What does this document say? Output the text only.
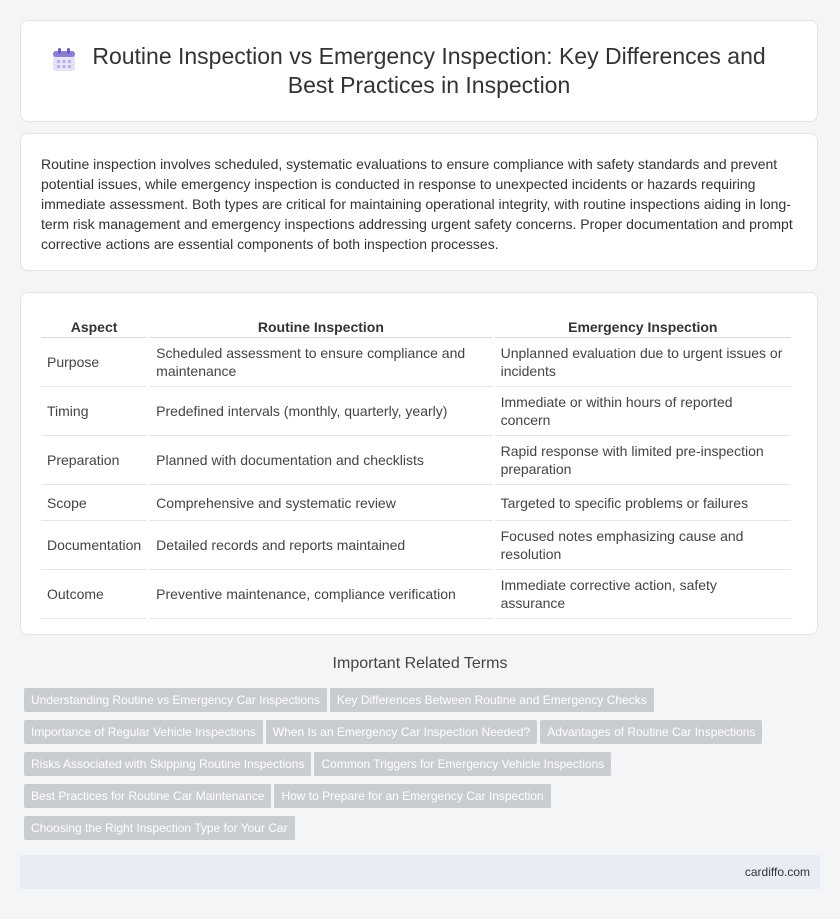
Routine Inspection vs Emergency Inspection: Key Differences and Best Practices in Inspection

Routine inspection involves scheduled, systematic evaluations to ensure compliance with safety standards and prevent potential issues, while emergency inspection is conducted in response to unexpected incidents or hazards requiring immediate assessment. Both types are critical for maintaining operational integrity, with routine inspections aiding in long-term risk management and emergency inspections addressing urgent safety concerns. Proper documentation and prompt corrective actions are essential components of both inspection processes.

Aspect	Routine Inspection	Emergency Inspection
Purpose	Scheduled assessment to ensure compliance and maintenance	Unplanned evaluation due to urgent issues or incidents
Timing	Predefined intervals (monthly, quarterly, yearly)	Immediate or within hours of reported concern
Preparation	Planned with documentation and checklists	Rapid response with limited pre-inspection preparation
Scope	Comprehensive and systematic review	Targeted to specific problems or failures
Documentation	Detailed records and reports maintained	Focused notes emphasizing cause and resolution
Outcome	Preventive maintenance, compliance verification	Immediate corrective action, safety assurance
Important Related Terms
Understanding Routine vs Emergency Car Inspections Key Differences Between Routine and Emergency Checks
Importance of Regular Vehicle Inspections When Is an Emergency Car Inspection Needed? Advantages of Routine Car Inspections
Risks Associated with Skipping Routine Inspections Common Triggers for Emergency Vehicle Inspections
Best Practices for Routine Car Maintenance How to Prepare for an Emergency Car Inspection
Choosing the Right Inspection Type for Your Car
cardiffo.com
